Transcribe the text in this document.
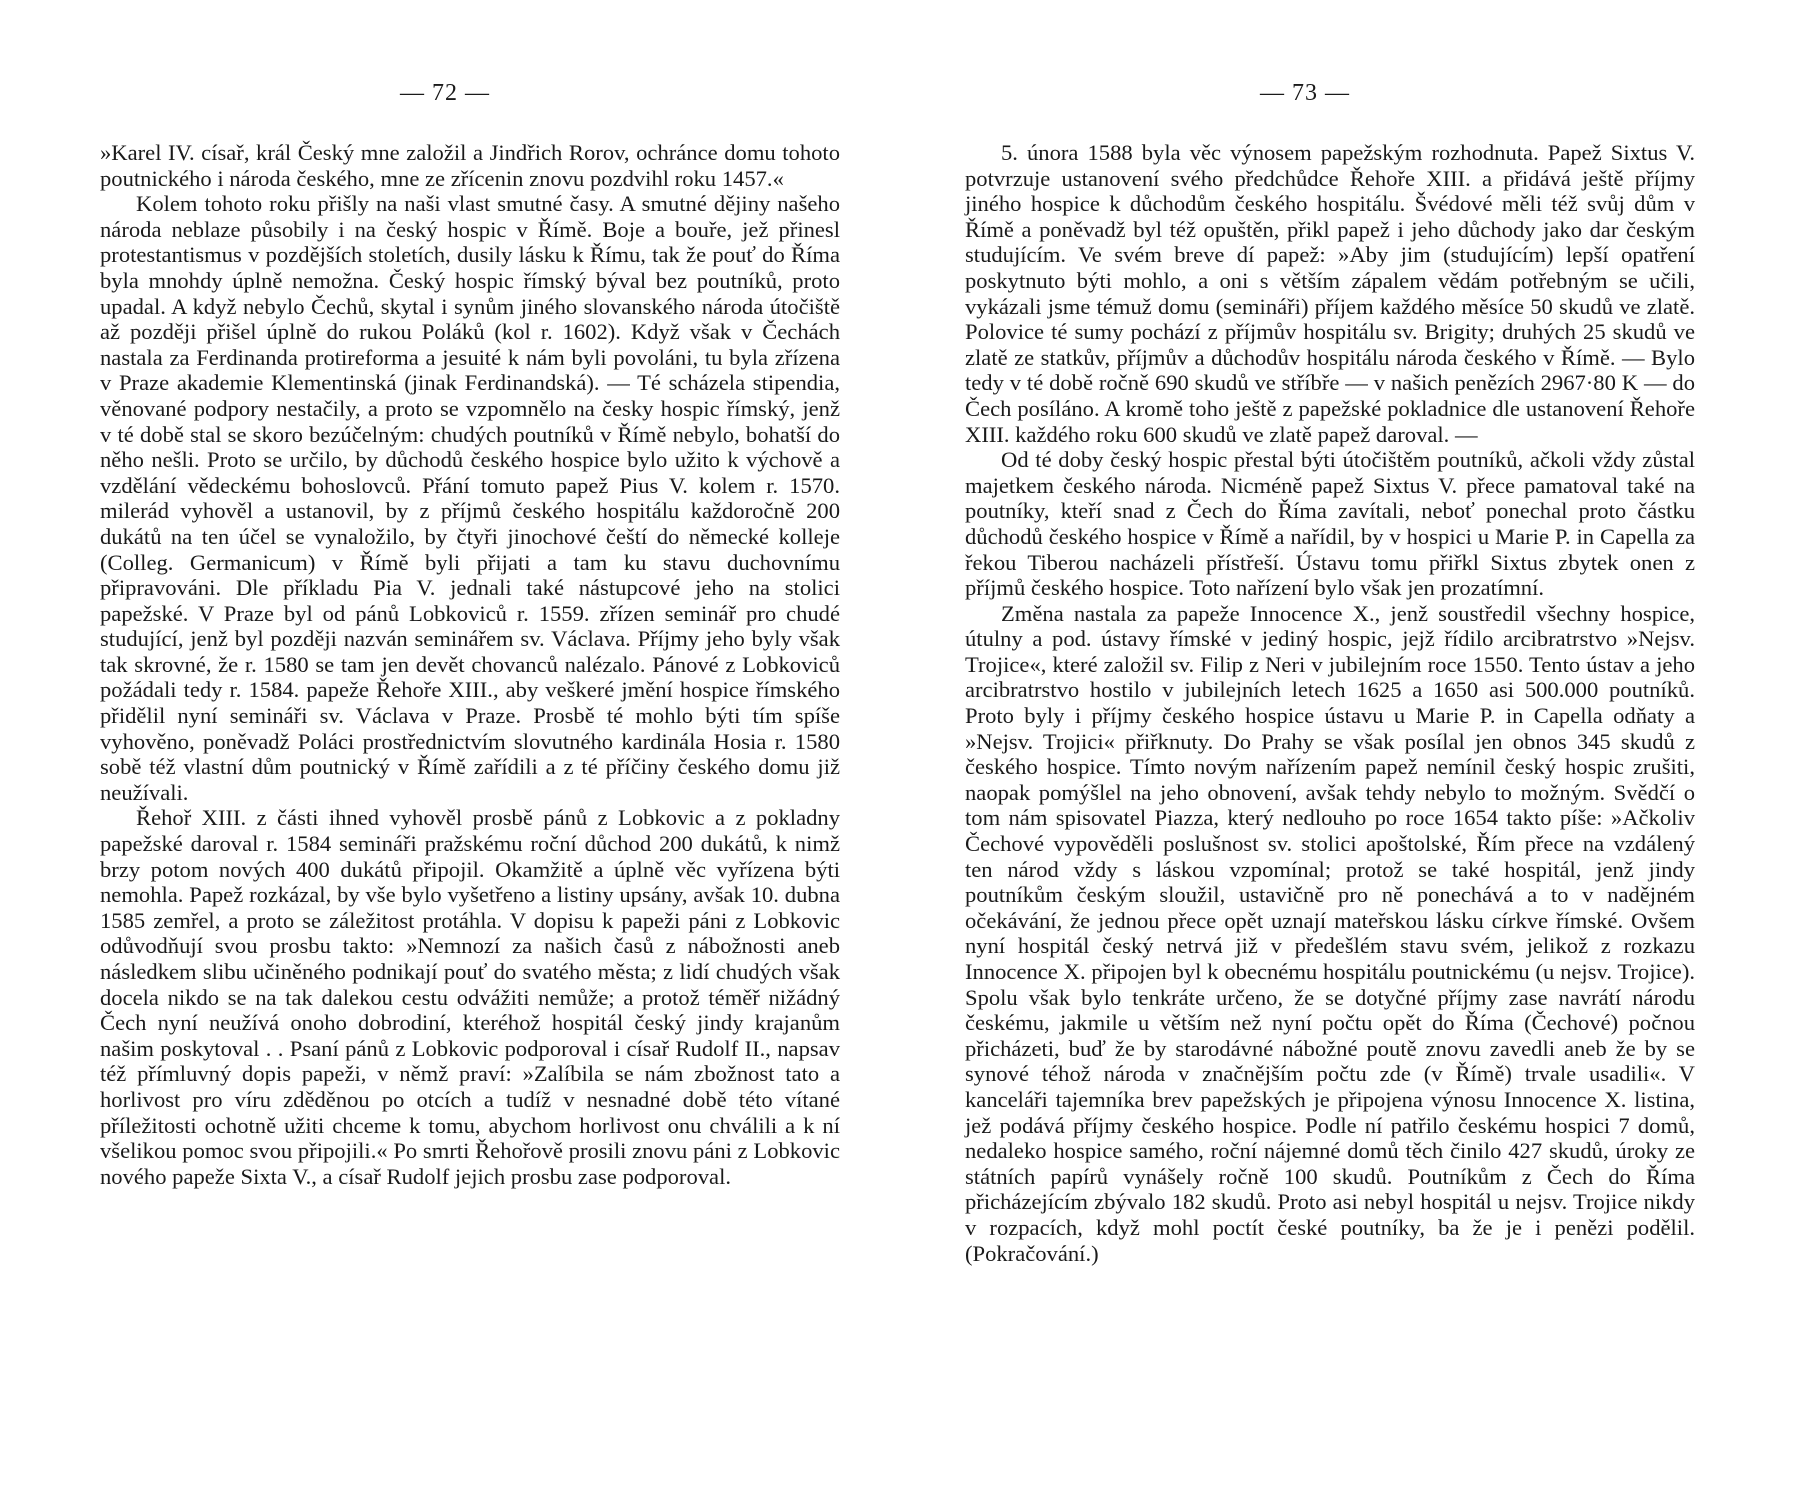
— 72 —

»Karel IV. císař, král Český mne založil a Jindřich Rorov, ochránce domu tohoto poutnického i národa českého, mne ze zřícenin znovu pozdvihl roku 1457.«

Kolem tohoto roku přišly na naši vlast smutné časy. A smutné dějiny našeho národa neblaze působily i na český hospic v Římě. Boje a bouře, jež přinesl protestantismus v pozdějších stoletích, dusily lásku k Římu, tak že pouť do Říma byla mnohdy úplně nemožna. Český hospic římský býval bez poutníků, proto upadal. A když nebylo Čechů, skytal i synům jiného slovanského národa útočiště až později přišel úplně do rukou Poláků (kol r. 1602). Když však v Čechách nastala za Ferdinanda protireforma a jesuité k nám byli povoláni, tu byla zřízena v Praze akademie Klementinská (jinak Ferdinandská). — Té scházela stipendia, věnované podpory nestačily, a proto se vzpomnělo na česky hospic římský, jenž v té době stal se skoro bezúčelným: chudých poutníků v Římě nebylo, bohatší do něho nešli. Proto se určilo, by důchodů českého hospice bylo užito k výchově a vzdělání vědeckému bohoslovců. Přání tomuto papež Pius V. kolem r. 1570. milerád vyhověl a ustanovil, by z příjmů českého hospitálu každoročně 200 dukátů na ten účel se vynaložilo, by čtyři jinochové čeští do německé kolleje (Colleg. Germanicum) v Římě byli přijati a tam ku stavu duchovnímu připravováni. Dle příkladu Pia V. jednali také nástupcové jeho na stolici papežské. V Praze byl od pánů Lobkoviců r. 1559. zřízen seminář pro chudé studující, jenž byl později nazván seminářem sv. Václava. Příjmy jeho byly však tak skrovné, že r. 1580 se tam jen devět chovanců nalézalo. Pánové z Lobkoviců požádali tedy r. 1584. papeže Řehoře XIII., aby veškeré jmění hospice římského přidělil nyní semináři sv. Václava v Praze. Prosbě té mohlo býti tím spíše vyhověno, poněvadž Poláci prostřednictvím slovutného kardinála Hosia r. 1580 sobě též vlastní dům poutnický v Římě zařídili a z té příčiny českého domu již neužívali.

Řehoř XIII. z části ihned vyhověl prosbě pánů z Lobkovic a z pokladny papežské daroval r. 1584 semináři pražskému roční důchod 200 dukátů, k nimž brzy potom nových 400 dukátů připojil. Okamžitě a úplně věc vyřízena býti nemohla. Papež rozkázal, by vše bylo vyšetřeno a listiny upsány, avšak 10. dubna 1585 zemřel, a proto se záležitost protáhla. V dopisu k papeži páni z Lobkovic odůvodňují svou prosbu takto: »Nemnozí za našich časů z nábožnosti aneb následkem slibu učiněného podnikají pouť do svatého města; z lidí chudých však docela nikdo se na tak dalekou cestu odvážiti nemůže; a protož téměř nižádný Čech nyní neužívá onoho dobrodiní, kteréhož hospitál český jindy krajanům našim poskytoval . . Psaní pánů z Lobkovic podporoval i císař Rudolf II., napsav též přímluvný dopis papeži, v němž praví: »Zalíbila se nám zbožnost tato a horlivost pro víru zděděnou po otcích a tudíž v nesnadné době této vítané příležitosti ochotně užiti chceme k tomu, abychom horlivost onu chválili a k ní všelikou pomoc svou připojili.« Po smrti Řehořově prosili znovu páni z Lobkovic nového papeže Sixta V., a císař Rudolf jejich prosbu zase podporoval.

— 73 —

5. února 1588 byla věc výnosem papežským rozhodnuta. Papež Sixtus V. potvrzuje ustanovení svého předchůdce Řehoře XIII. a přidává ještě příjmy jiného hospice k důchodům českého hospitálu. Švédové měli též svůj dům v Římě a poněvadž byl též opuštěn, přikl papež i jeho důchody jako dar českým studujícím. Ve svém breve dí papež: »Aby jim (studujícím) lepší opatření poskytnuto býti mohlo, a oni s větším zápalem vědám potřebným se učili, vykázali jsme témuž domu (semináři) příjem každého měsíce 50 skudů ve zlatě. Polovice té sumy pochází z příjmův hospitálu sv. Brigity; druhých 25 skudů ve zlatě ze statkův, příjmův a důchodův hospitálu národa českého v Římě. — Bylo tedy v té době ročně 690 skudů ve stříbře — v našich penězích 2967·80 K — do Čech posíláno. A kromě toho ještě z papežské pokladnice dle ustanovení Řehoře XIII. každého roku 600 skudů ve zlatě papež daroval. —

Od té doby český hospic přestal býti útočištěm poutníků, ačkoli vždy zůstal majetkem českého národa. Nicméně papež Sixtus V. přece pamatoval také na poutníky, kteří snad z Čech do Říma zavítali, neboť ponechal proto částku důchodů českého hospice v Římě a nařídil, by v hospici u Marie P. in Capella za řekou Tiberou nacházeli přístřeší. Ústavu tomu přiřkl Sixtus zbytek onen z příjmů českého hospice. Toto nařízení bylo však jen prozatímní.

Změna nastala za papeže Innocence X., jenž soustředil všechny hospice, útulny a pod. ústavy římské v jediný hospic, jejž řídilo arcibratrstvo »Nejsv. Trojice«, které založil sv. Filip z Neri v jubilejním roce 1550. Tento ústav a jeho arcibratrstvo hostilo v jubilejních letech 1625 a 1650 asi 500.000 poutníků. Proto byly i příjmy českého hospice ústavu u Marie P. in Capella odňaty a »Nejsv. Trojici« přiřknuty. Do Prahy se však posílal jen obnos 345 skudů z českého hospice. Tímto novým nařízením papež nemínil český hospic zrušiti, naopak pomýšlel na jeho obnovení, avšak tehdy nebylo to možným. Svědčí o tom nám spisovatel Piazza, který nedlouho po roce 1654 takto píše: »Ačkoliv Čechové vypověděli poslušnost sv. stolici apoštolské, Řím přece na vzdálený ten národ vždy s láskou vzpomínal; protož se také hospitál, jenž jindy poutníkům českým sloužil, ustavičně pro ně ponechává a to v nadějném očekávání, že jednou přece opět uznají mateřskou lásku církve římské. Ovšem nyní hospitál český netrvá již v předešlém stavu svém, jelikož z rozkazu Innocence X. připojen byl k obecnému hospitálu poutnickému (u nejsv. Trojice). Spolu však bylo tenkráte určeno, že se dotyčné příjmy zase navrátí národu českému, jakmile u větším než nyní počtu opět do Říma (Čechové) počnou přicházeti, buď že by starodávné nábožné poutě znovu zavedli aneb že by se synové téhož národa v značnějším počtu zde (v Římě) trvale usadili«. V kanceláři tajemníka brev papežských je připojena výnosu Innocence X. listina, jež podává příjmy českého hospice. Podle ní patřilo českému hospici 7 domů, nedaleko hospice samého, roční nájemné domů těch činilo 427 skudů, úroky ze státních papírů vynášely ročně 100 skudů. Poutníkům z Čech do Říma přicházejícím zbývalo 182 skudů. Proto asi nebyl hospitál u nejsv. Trojice nikdy v rozpacích, když mohl poctít české poutníky, ba že je i penězi podělil. (Pokračování.)
